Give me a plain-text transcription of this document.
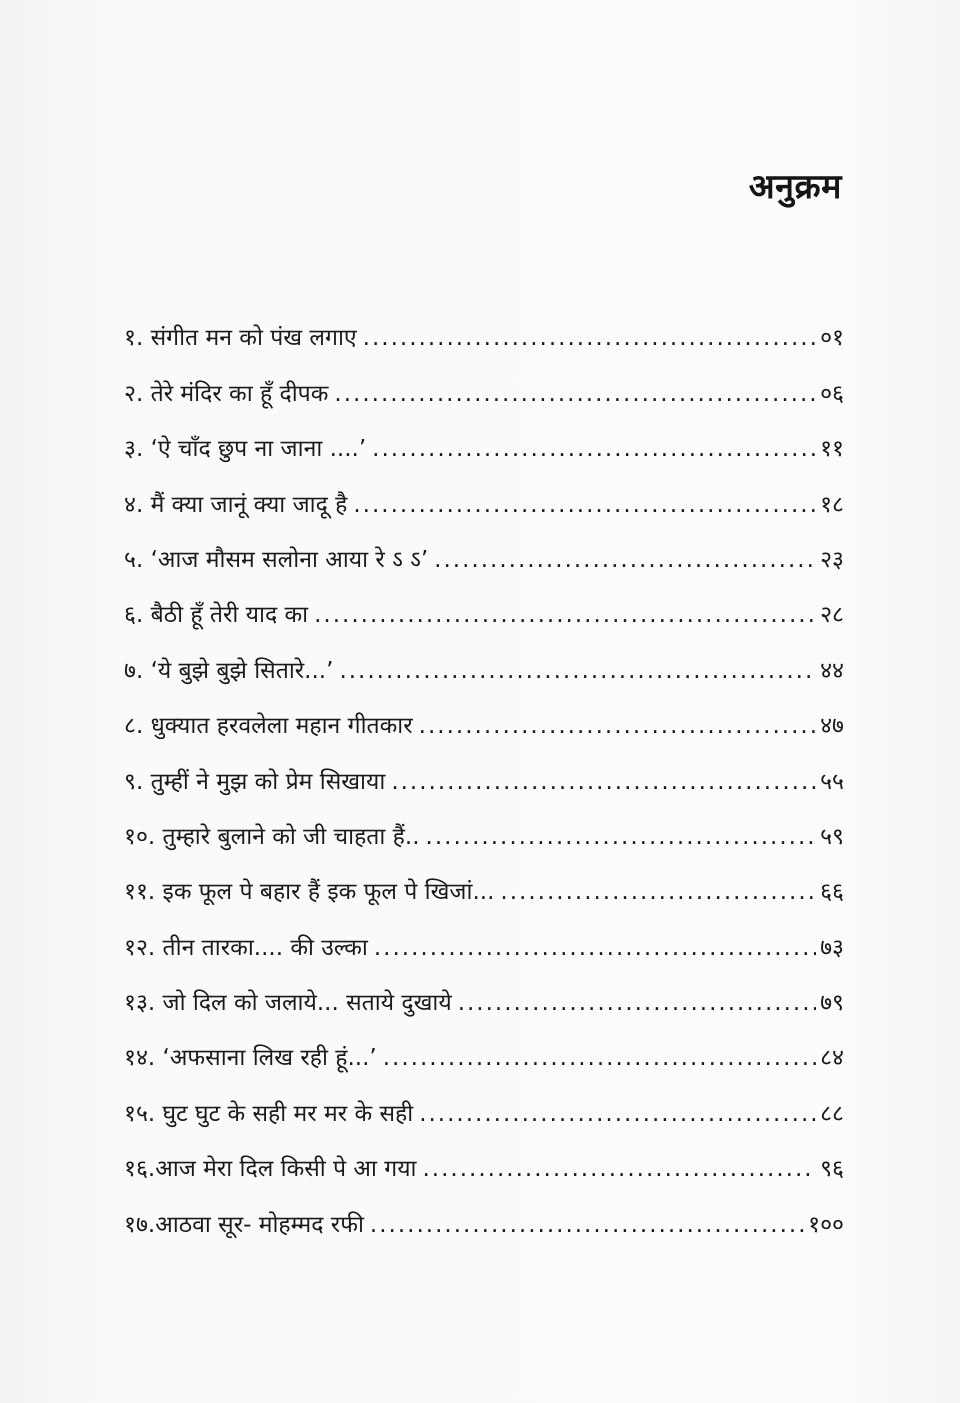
अनुक्रम
१. संगीत मन को पंख लगाए .....	०१
२. तेरे मंदिर का हूँ दीपक .....	०६
३. ‘ऐ चाँद छुप ना जाना ....’ .....	११
४. मैं क्या जानूं क्या जादू है .....	१८
५. ‘आज मौसम सलोना आया रे ऽ ऽ’ .....	२३
६. बैठी हूँ तेरी याद का .....	२८
७. ‘ये बुझे बुझे सितारे...’ .....	४४
८. धुक्यात हरवलेला महान गीतकार .....	४७
९. तुम्हीं ने मुझ को प्रेम सिखाया .....	५५
१०. तुम्हारे बुलाने को जी चाहता हैं.. .....	५९
११. इक फूल पे बहार हैं इक फूल पे खिजां... .....	६६
१२. तीन तारका.... की उल्का .....	७३
१३. जो दिल को जलाये... सताये दुखाये .....	७९
१४. ‘अफसाना लिख रही हूं...’ .....	८४
१५. घुट घुट के सही मर मर के सही .....	८८
१६.आज मेरा दिल किसी पे आ गया .....	९६
१७.आठवा सूर- मोहम्मद रफी .....	१००
